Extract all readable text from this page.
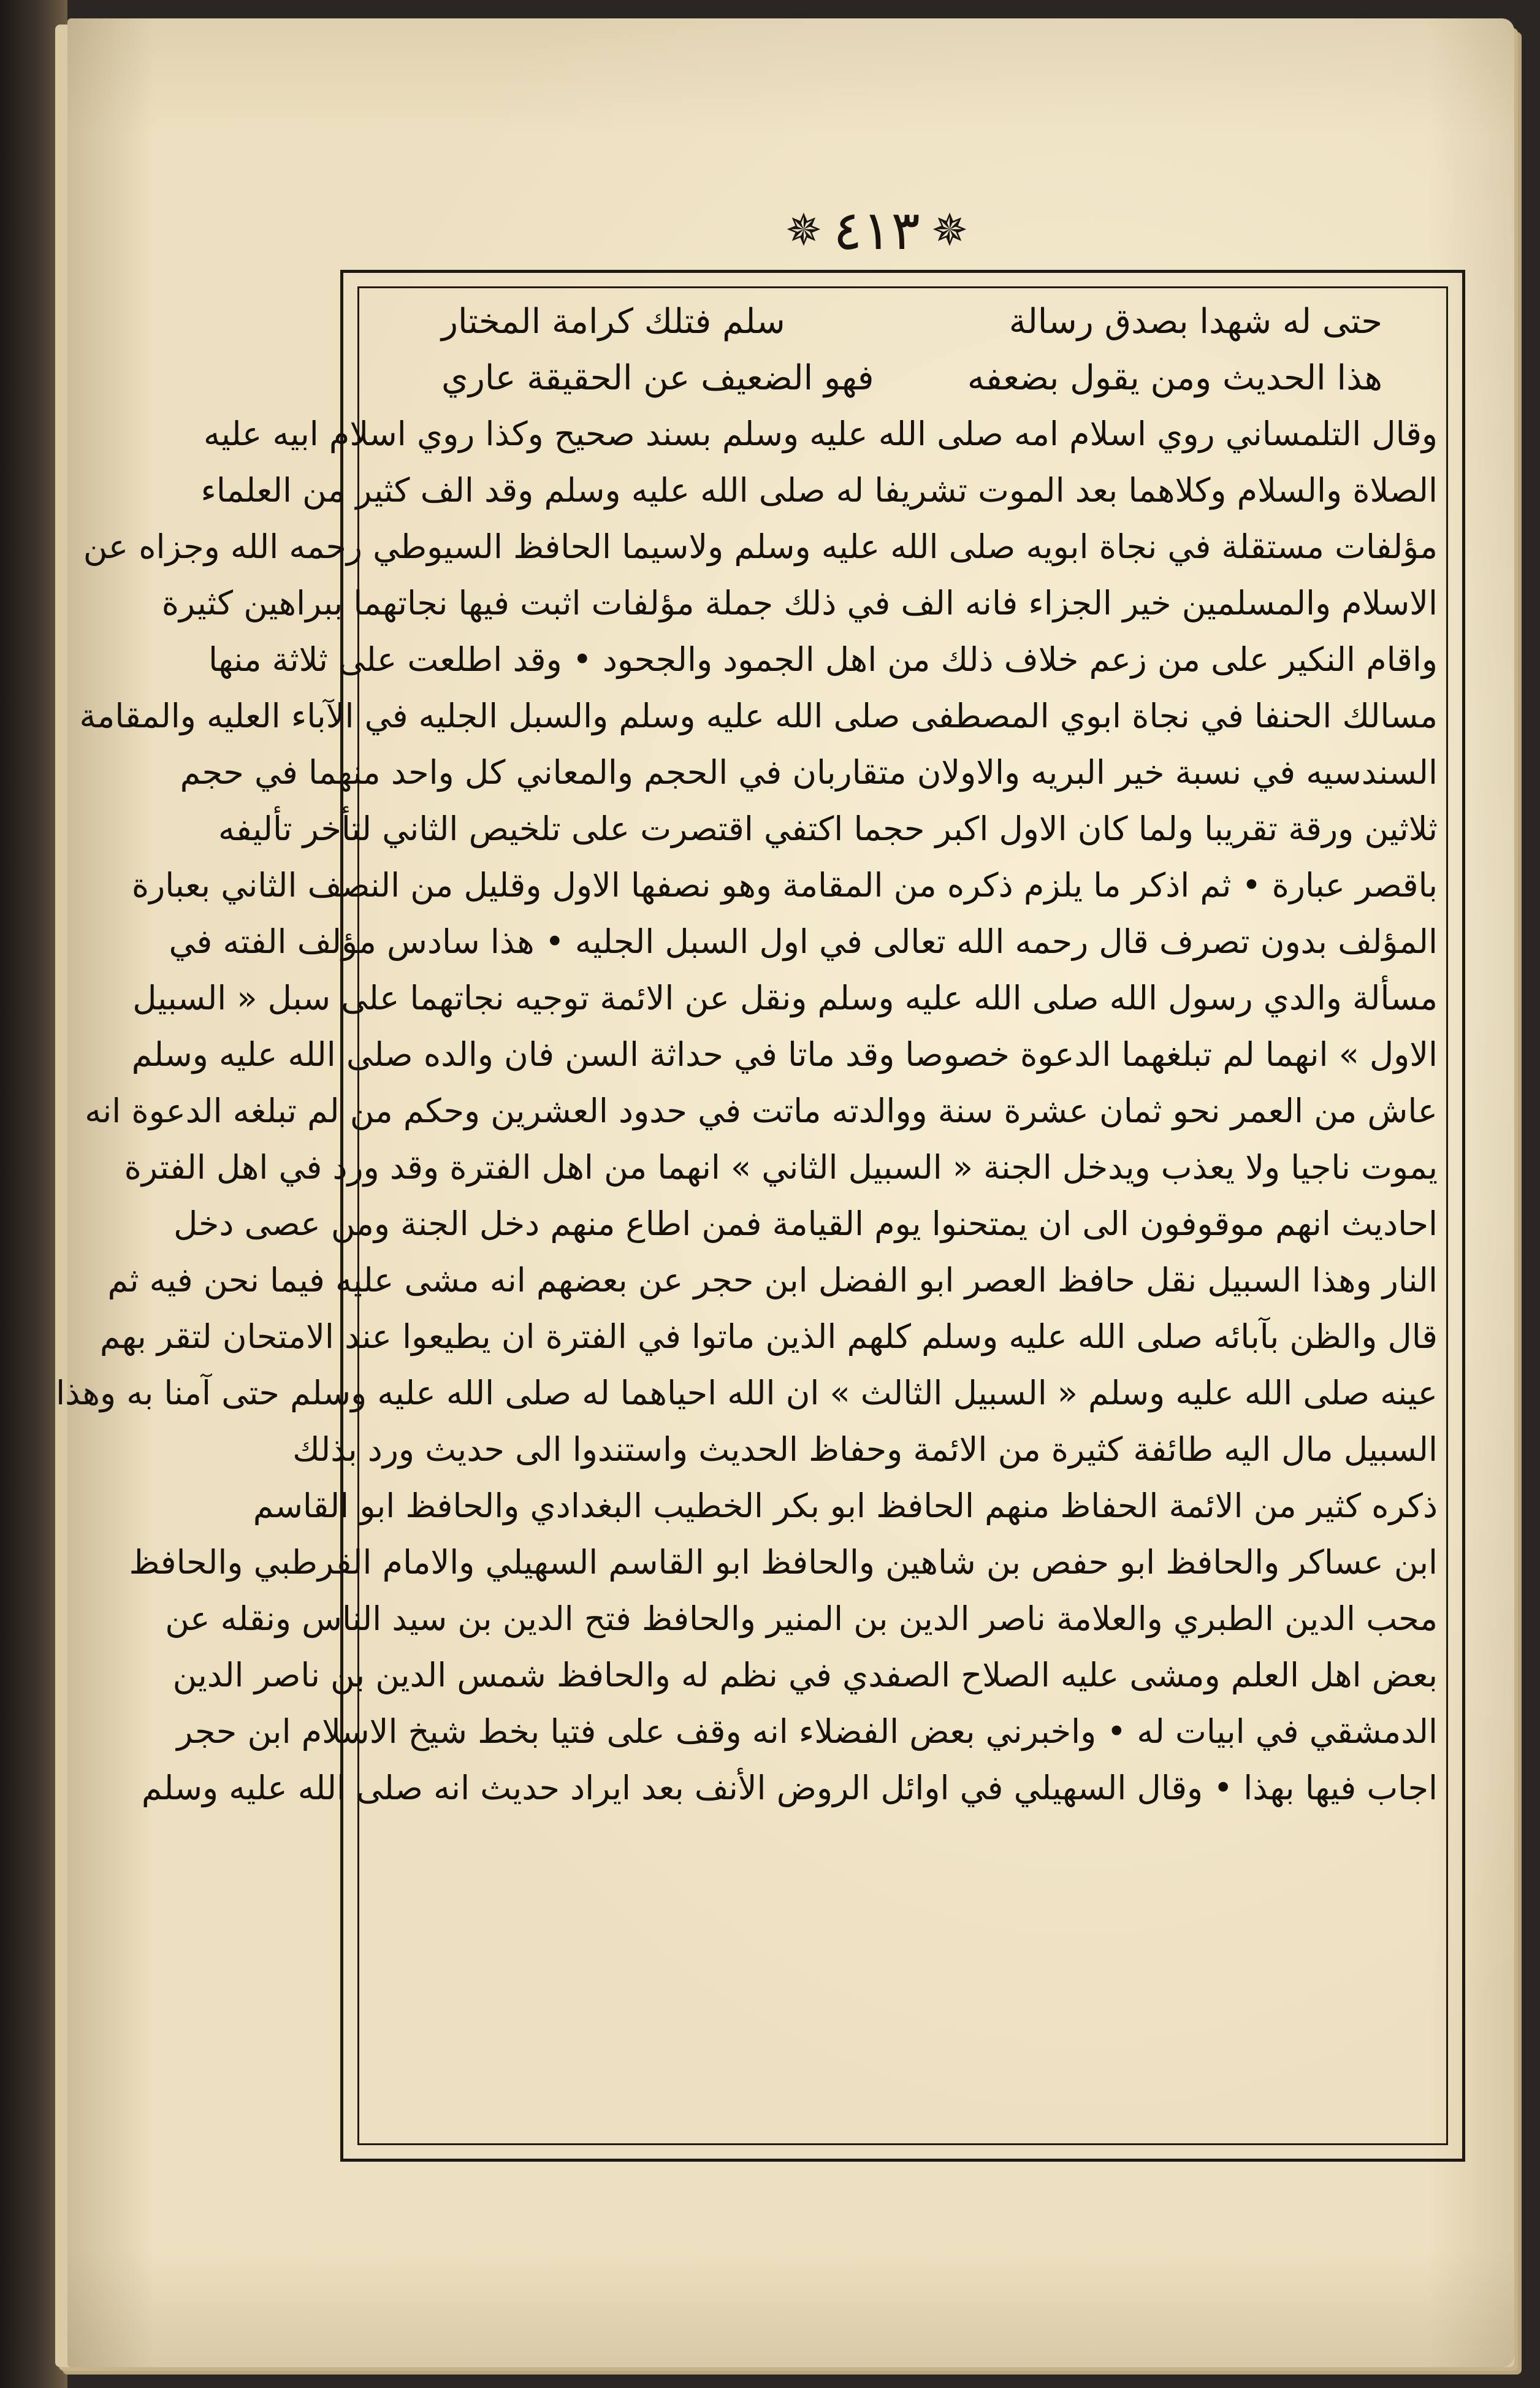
✵ ٤١٣ ✵
حتى له شهدا بصدق رسالة
سلم فتلك كرامة المختار
هذا الحديث ومن يقول بضعفه
فهو الضعيف عن الحقيقة عاري
وقال التلمساني روي اسلام امه صلى الله عليه وسلم بسند صحيح وكذا روي اسلام ابيه عليه
الصلاة والسلام وكلاهما بعد الموت تشريفا له صلى الله عليه وسلم وقد الف كثير من العلماء
مؤلفات مستقلة في نجاة ابويه صلى الله عليه وسلم ولاسيما الحافظ السيوطي رحمه الله وجزاه عن
الاسلام والمسلمين خير الجزاء فانه الف في ذلك جملة مؤلفات اثبت فيها نجاتهما ببراهين كثيرة
واقام النكير على من زعم خلاف ذلك من اهل الجمود والجحود • وقد اطلعت على ثلاثة منها
مسالك الحنفا في نجاة ابوي المصطفى صلى الله عليه وسلم والسبل الجليه في الآباء العليه والمقامة
السندسيه في نسبة خير البريه والاولان متقاربان في الحجم والمعاني كل واحد منهما في حجم
ثلاثين ورقة تقريبا ولما كان الاول اكبر حجما اكتفي اقتصرت على تلخيص الثاني لتأخر تأليفه
باقصر عبارة • ثم اذكر ما يلزم ذكره من المقامة وهو نصفها الاول وقليل من النصف الثاني بعبارة
المؤلف بدون تصرف قال رحمه الله تعالى في اول السبل الجليه • هذا سادس مؤلف الفته في
مسألة والدي رسول الله صلى الله عليه وسلم ونقل عن الائمة توجيه نجاتهما على سبل « السبيل
الاول » انهما لم تبلغهما الدعوة خصوصا وقد ماتا في حداثة السن فان والده صلى الله عليه وسلم
عاش من العمر نحو ثمان عشرة سنة ووالدته ماتت في حدود العشرين وحكم من لم تبلغه الدعوة انه
يموت ناجيا ولا يعذب ويدخل الجنة « السبيل الثاني » انهما من اهل الفترة وقد ورد في اهل الفترة
احاديث انهم موقوفون الى ان يمتحنوا يوم القيامة فمن اطاع منهم دخل الجنة ومن عصى دخل
النار وهذا السبيل نقل حافظ العصر ابو الفضل ابن حجر عن بعضهم انه مشى عليه فيما نحن فيه ثم
قال والظن بآبائه صلى الله عليه وسلم كلهم الذين ماتوا في الفترة ان يطيعوا عند الامتحان لتقر بهم
عينه صلى الله عليه وسلم « السبيل الثالث » ان الله احياهما له صلى الله عليه وسلم حتى آمنا به وهذا
السبيل مال اليه طائفة كثيرة من الائمة وحفاظ الحديث واستندوا الى حديث ورد بذلك
ذكره كثير من الائمة الحفاظ منهم الحافظ ابو بكر الخطيب البغدادي والحافظ ابو القاسم
ابن عساكر والحافظ ابو حفص بن شاهين والحافظ ابو القاسم السهيلي والامام القرطبي والحافظ
محب الدين الطبري والعلامة ناصر الدين بن المنير والحافظ فتح الدين بن سيد الناس ونقله عن
بعض اهل العلم ومشى عليه الصلاح الصفدي في نظم له والحافظ شمس الدين بن ناصر الدين
الدمشقي في ابيات له • واخبرني بعض الفضلاء انه وقف على فتيا بخط شيخ الاسلام ابن حجر
اجاب فيها بهذا • وقال السهيلي في اوائل الروض الأنف بعد ايراد حديث انه صلى الله عليه وسلم
